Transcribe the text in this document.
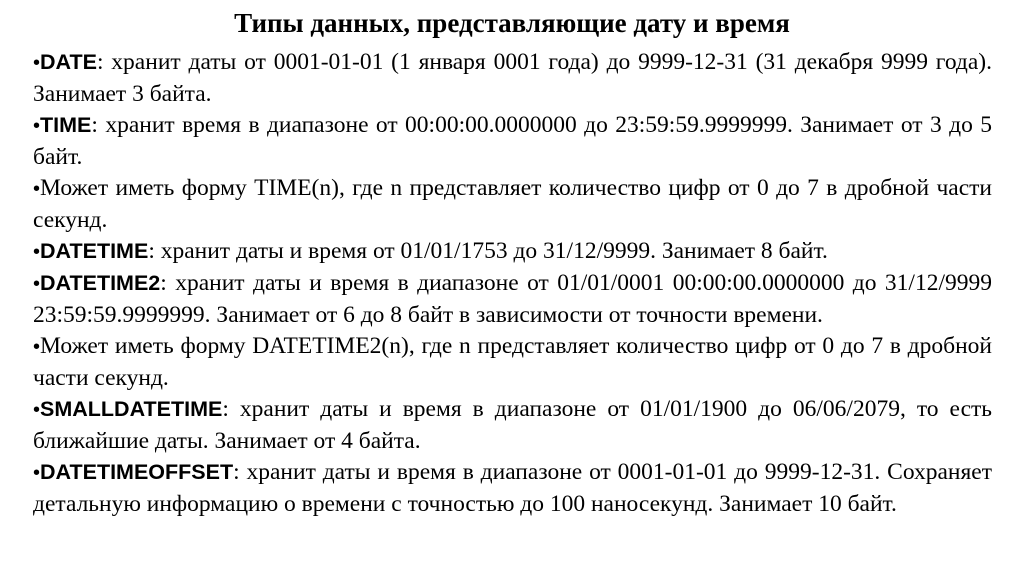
Типы данных, представляющие дату и время

•DATE: хранит даты от 0001-01-01 (1 января 0001 года) до 9999-12-31 (31 декабря 9999 года). Занимает 3 байта.

•TIME: хранит время в диапазоне от 00:00:00.0000000 до 23:59:59.9999999. Занимает от 3 до 5 байт.

•Может иметь форму TIME(n), где n представляет количество цифр от 0 до 7 в дробной части секунд.

•DATETIME: хранит даты и время от 01/01/1753 до 31/12/9999. Занимает 8 байт.

•DATETIME2: хранит даты и время в диапазоне от 01/01/0001 00:00:00.0000000 до 31/12/9999 23:59:59.9999999. Занимает от 6 до 8 байт в зависимости от точности времени.

•Может иметь форму DATETIME2(n), где n представляет количество цифр от 0 до 7 в дробной части секунд.

•SMALLDATETIME: хранит даты и время в диапазоне от 01/01/1900 до 06/06/2079, то есть ближайшие даты. Занимает от 4 байта.

•DATETIMEOFFSET: хранит даты и время в диапазоне от 0001-01-01 до 9999-12-31. Сохраняет детальную информацию о времени с точностью до 100 наносекунд. Занимает 10 байт.
